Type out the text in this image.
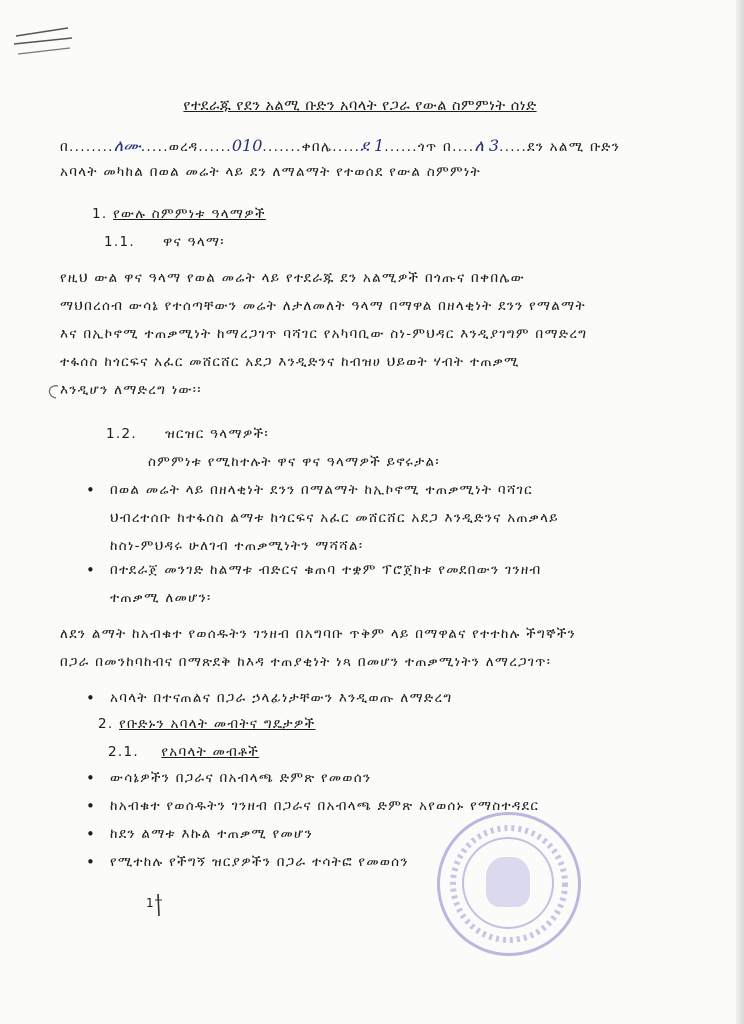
የተደራጁ የደን አልሚ ቡድን አባላት የጋራ የውል ስምምነት ሰነድ
በ........ለሙ.....ወረዳ......010.......ቀበሌ.....ደ 1......ጎጥ በ....ለ 3.....ደን አልሚ ቡድን
አባላት መካከል በወል መሬት ላይ ደን ለማልማት የተወሰደ የውል ስምምነት
1. የውሉ ስምምነቱ ዓላማዎች
1.1. ዋና ዓላማ፡
የዚህ ውል ዋና ዓላማ የወል መሬት ላይ የተደራጁ ደን አልሚዎች በጎጡና በቀበሌው
ማህበረሰብ ውሳኔ የተሰጣቸውን መሬት ለታለመለት ዓላማ በማዋል በዘላቂነት ደንን የማልማት
እና በኢኮኖሚ ተጠቃሚነት ከማረጋገጥ ባሻገር የአካባቢው ስነ-ምህዳር እንዲያገግም በማድረግ
ተፋሰስ ከጎርፍና አፈር መሸርሸር አደጋ እንዲድንና ከብዝሀ ህይወት ሃብት ተጠቃሚ
እንዲሆን ለማድረግ ነው፡፡
1.2. ዝርዝር ዓላማዎች፡
ስምምነቱ የሚከተሉት ዋና ዋና ዓላማዎች ይኖሩታል፡
• በወል መሬት ላይ በዘላቂነት ደንን በማልማት ከኢኮኖሚ ተጠቃሚነት ባሻገር
ህብረተሰቡ ከተፋሰስ ልማቱ ከጎርፍና አፈር መሸርሸር አደጋ እንዲድንና አጠቃላይ
ከስነ-ምህዳሩ ሁለገብ ተጠቃሚነትን ማሻሻል፡
• በተደራጀ መንገድ ከልማቱ ብድርና ቁጠባ ተቋም ፕሮጀክቱ የመደበውን ገንዘብ
ተጠቃሚ ለመሆን፡
ለደን ልማት ከአብቁተ የወሰዱትን ገንዘብ በአግባቡ ጥቅም ላይ በማዋልና የተተከሉ ችግኞችን
በጋራ በመንከባከብና በማጽደቅ ከእዳ ተጠያቂነት ነጻ በመሆን ተጠቃሚነትን ለማረጋገጥ፡
• አባላት በተናጠልና በጋራ ኃላፊነታቸውን እንዲወጡ ለማድረግ
2. የቡድኑን አባላት መብትና ግዴታዎች
2.1. የአባላት መብቶች
• ውሳኔዎችን በጋራና በአብላጫ ድምጽ የመወሰን
• ከአብቁተ የወሰዱትን ገንዘብ በጋራና በአብላጫ ድምጽ አየወሰኑ የማስተዳደር
• ከደን ልማቱ እኩል ተጠቃሚ የመሆን
• የሚተከሉ የችግኝ ዝርያዎችን በጋራ ተሳትፎ የመወሰን
1
